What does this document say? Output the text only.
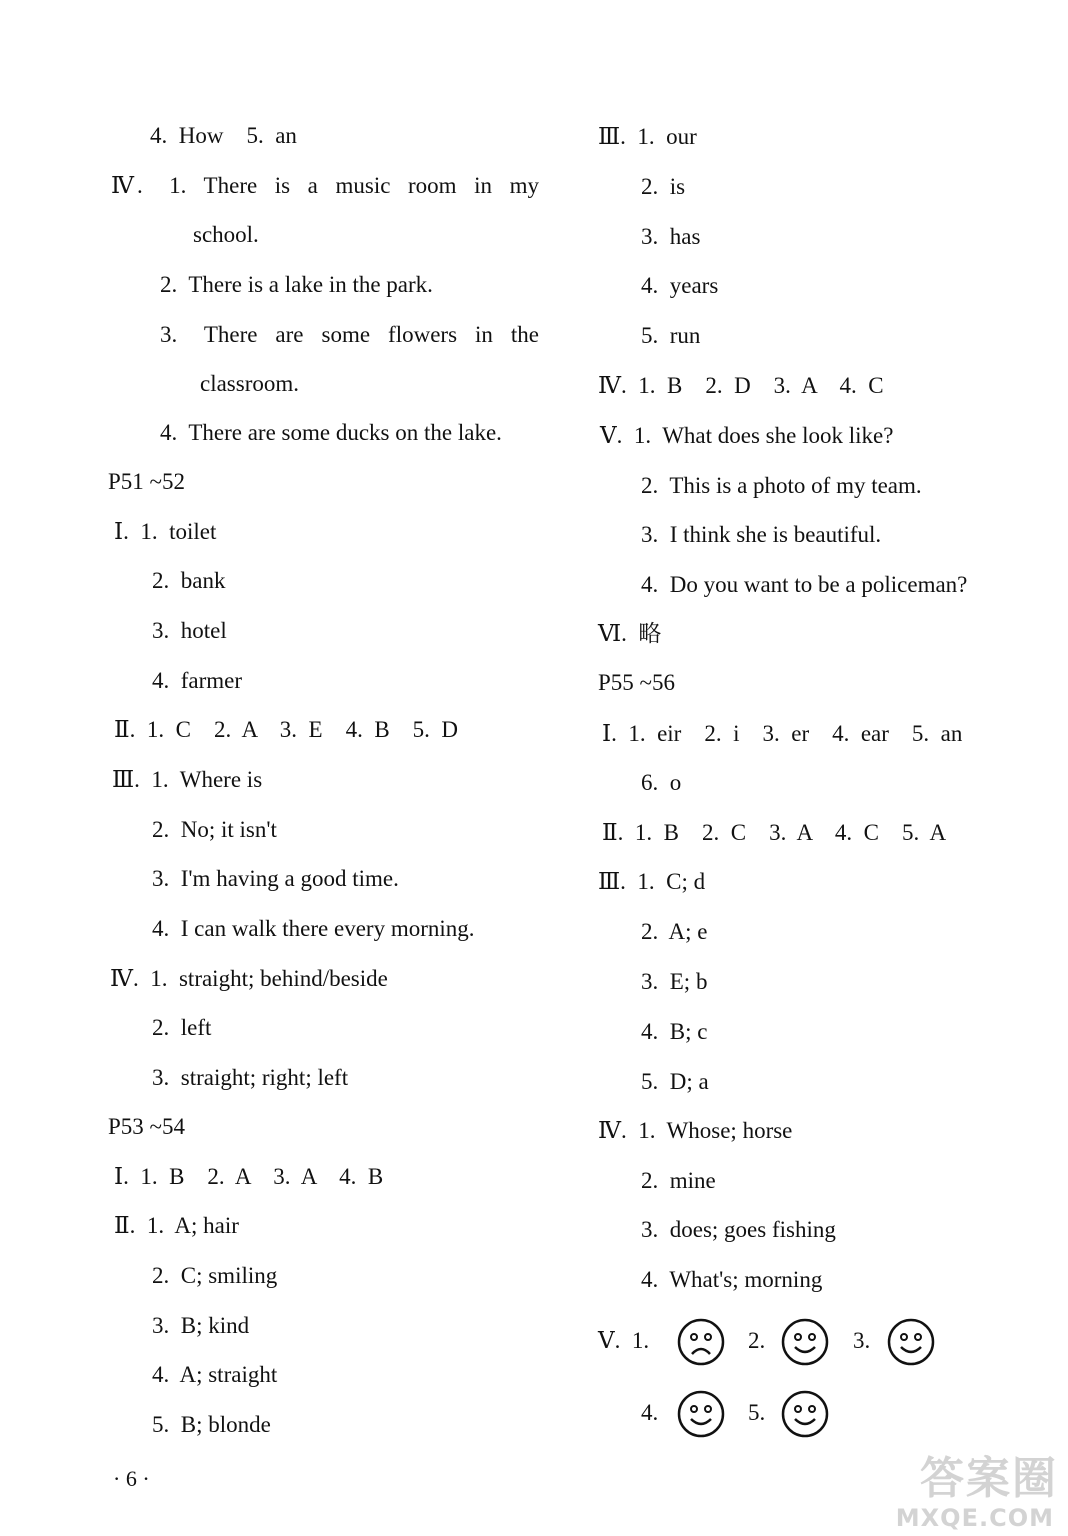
4.  How    5.  an
Ⅳ.   1.  There  is  a  music  room  in  my
school.
2.  There is a lake in the park.
3.   There  are  some  flowers  in  the
classroom.
4.  There are some ducks on the lake.
P51 ~52
Ⅰ.  1.  toilet
2.  bank
3.  hotel
4.  farmer
Ⅱ.  1.  C    2.  A    3.  E    4.  B    5.  D
Ⅲ.  1.  Where is
2.  No; it isn't
3.  I'm having a good time.
4.  I can walk there every morning.
Ⅳ.  1.  straight; behind/beside
2.  left
3.  straight; right; left
P53 ~54
Ⅰ.  1.  B    2.  A    3.  A    4.  B
Ⅱ.  1.  A; hair
2.  C; smiling
3.  B; kind
4.  A; straight
5.  B; blonde
Ⅲ.  1.  our
2.  is
3.  has
4.  years
5.  run
Ⅳ.  1.  B    2.  D    3.  A    4.  C
Ⅴ.  1.  What does she look like?
2.  This is a photo of my team.
3.  I think she is beautiful.
4.  Do you want to be a policeman?
Ⅵ.  略
P55 ~56
Ⅰ.  1.  eir    2.  i    3.  er    4.  ear    5.  an
6.  o
Ⅱ.  1.  B    2.  C    3.  A    4.  C    5.  A
Ⅲ.  1.  C; d
2.  A; e
3.  E; b
4.  B; c
5.  D; a
Ⅳ.  1.  Whose; horse
2.  mine
3.  does; goes fishing
4.  What's; morning
Ⅴ.  1.	2.	3.
4.	5.
· 6 ·	答案圈
MXQE.COM
